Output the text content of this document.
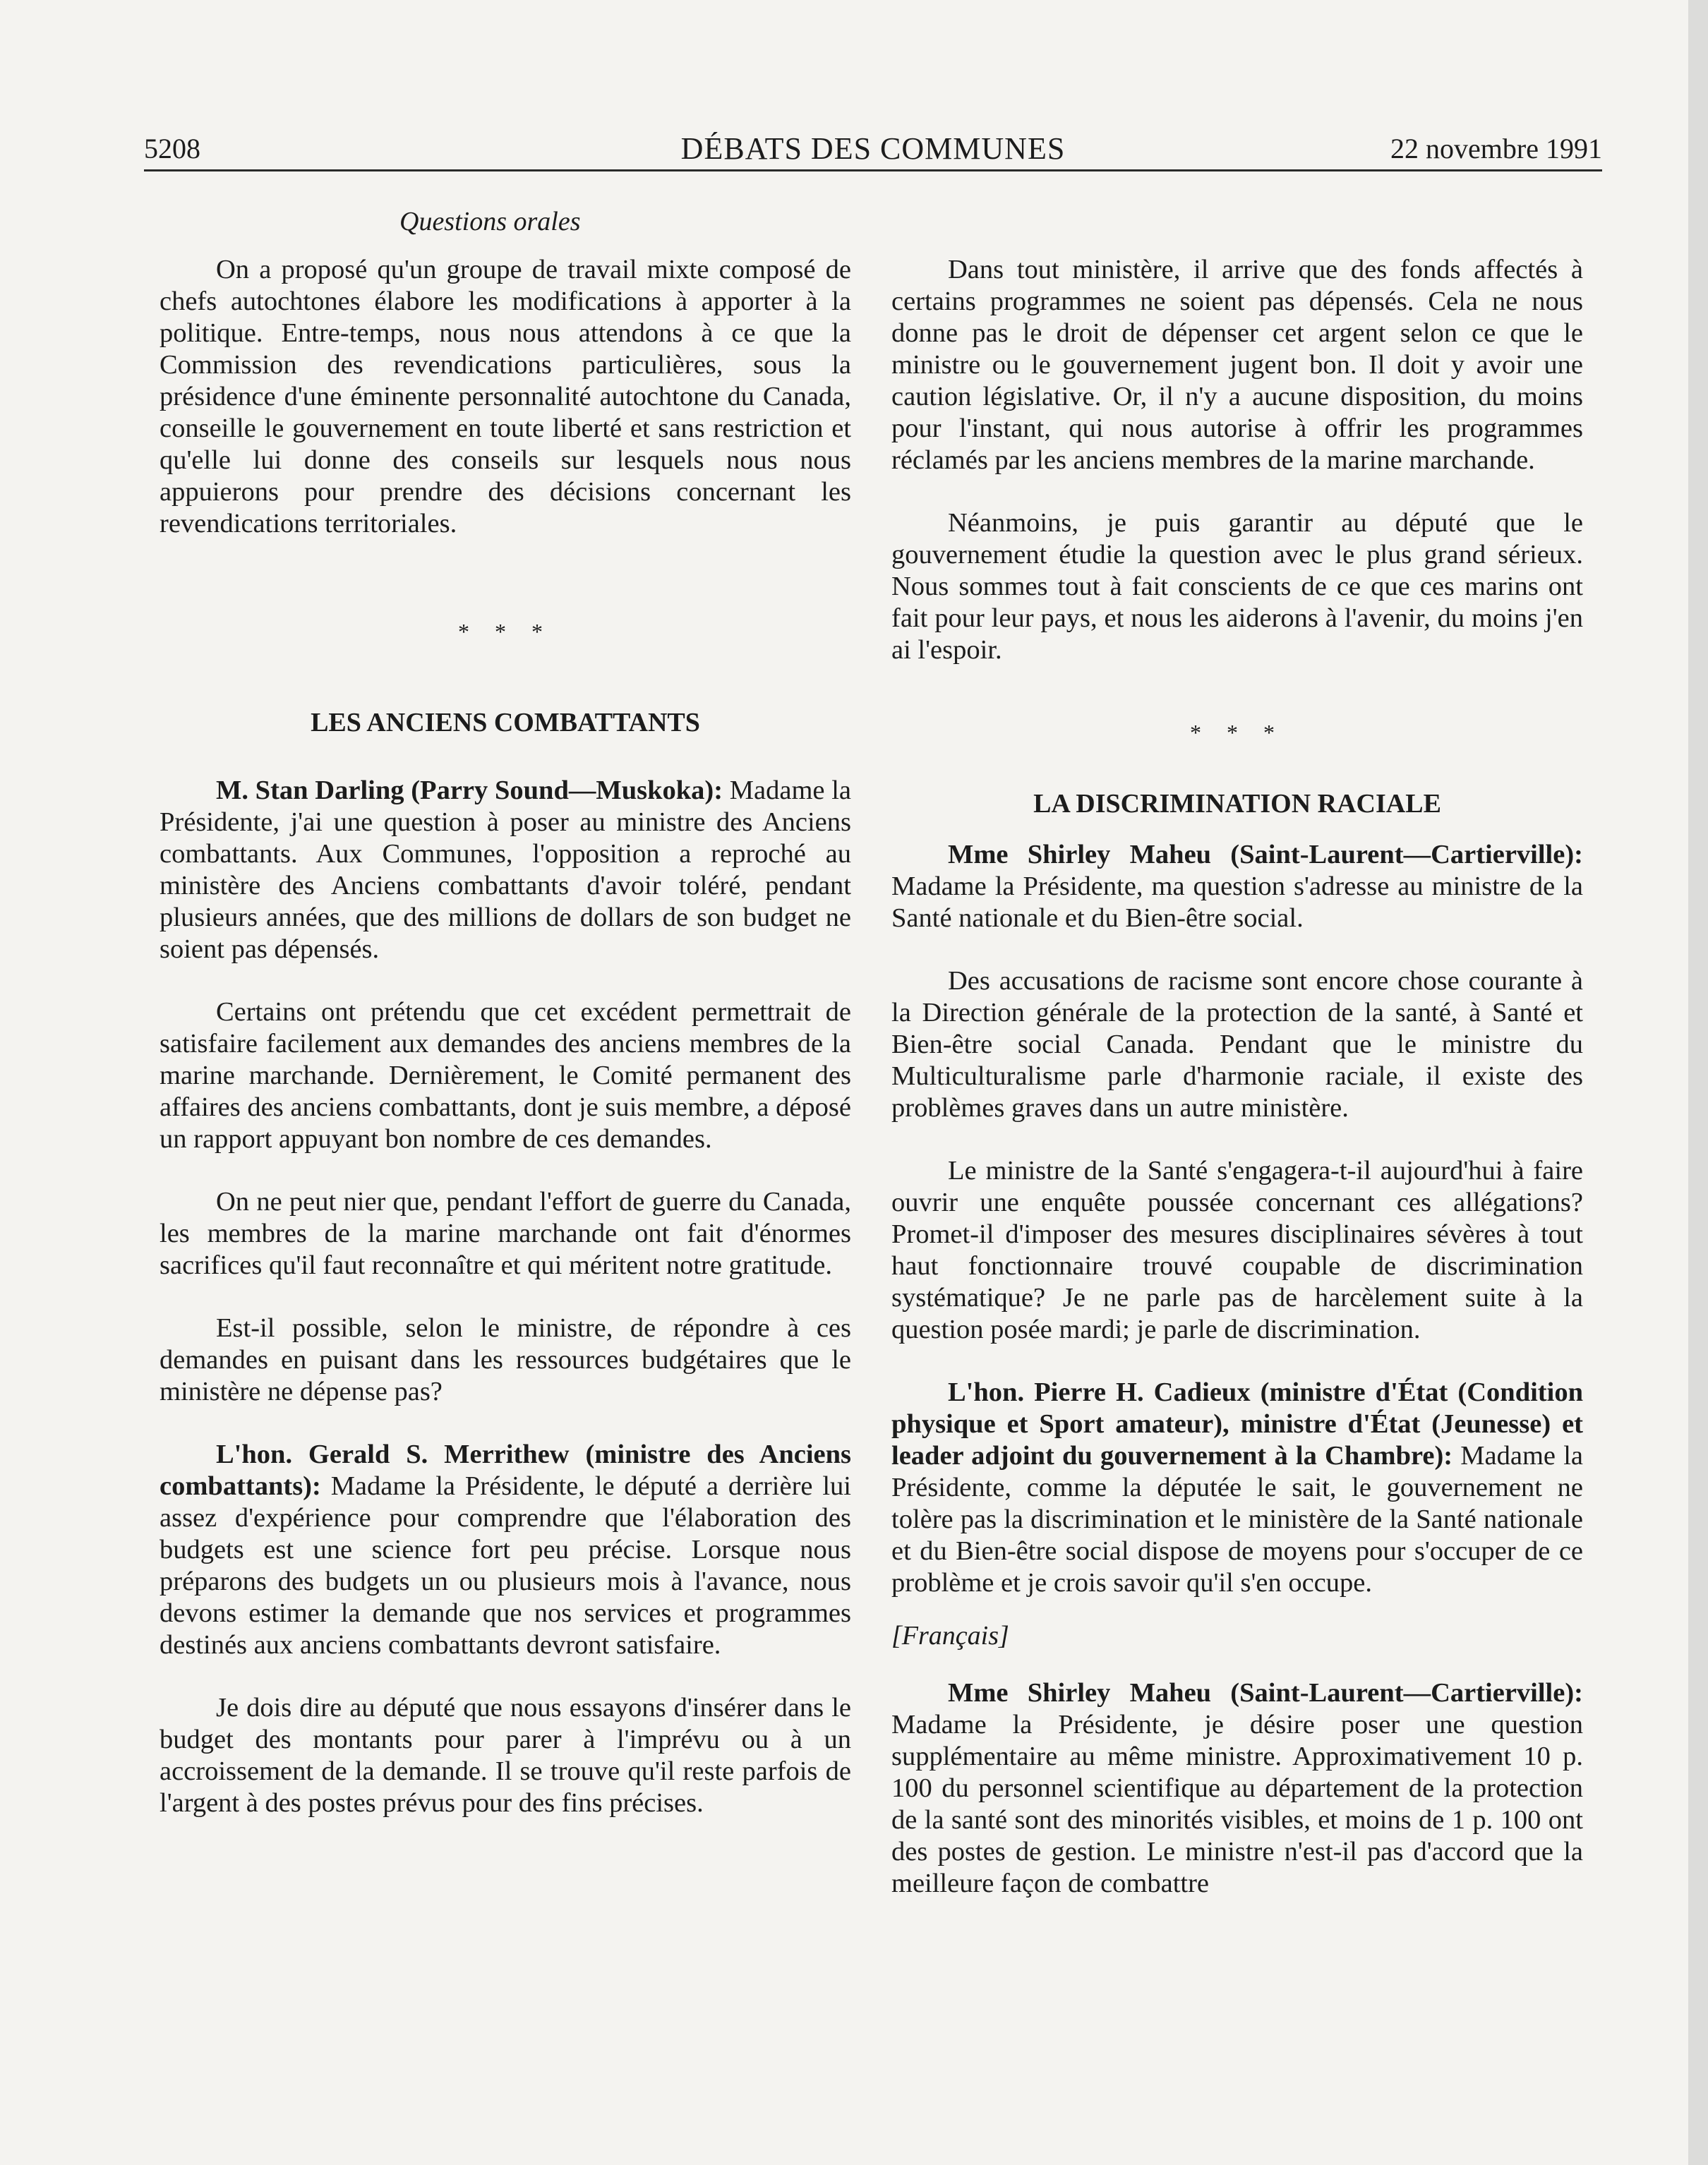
5208	DÉBATS DES COMMUNES	22 novembre 1991
Questions orales

On a proposé qu'un groupe de travail mixte composé de chefs autochtones élabore les modifications à apporter à la politique. Entre-temps, nous nous attendons à ce que la Commission des revendications particulières, sous la présidence d'une éminente personnalité autochtone du Canada, conseille le gouvernement en toute liberté et sans restriction et qu'elle lui donne des conseils sur lesquels nous nous appuierons pour prendre des décisions concernant les revendications territoriales.

* * *
LES ANCIENS COMBATTANTS

M. Stan Darling (Parry Sound—Muskoka): Madame la Présidente, j'ai une question à poser au ministre des Anciens combattants. Aux Communes, l'opposition a reproché au ministère des Anciens combattants d'avoir toléré, pendant plusieurs années, que des millions de dollars de son budget ne soient pas dépensés.

Certains ont prétendu que cet excédent permettrait de satisfaire facilement aux demandes des anciens membres de la marine marchande. Dernièrement, le Comité permanent des affaires des anciens combattants, dont je suis membre, a déposé un rapport appuyant bon nombre de ces demandes.

On ne peut nier que, pendant l'effort de guerre du Canada, les membres de la marine marchande ont fait d'énormes sacrifices qu'il faut reconnaître et qui méritent notre gratitude.

Est-il possible, selon le ministre, de répondre à ces demandes en puisant dans les ressources budgétaires que le ministère ne dépense pas?

L'hon. Gerald S. Merrithew (ministre des Anciens combattants): Madame la Présidente, le député a derrière lui assez d'expérience pour comprendre que l'élaboration des budgets est une science fort peu précise. Lorsque nous préparons des budgets un ou plusieurs mois à l'avance, nous devons estimer la demande que nos services et programmes destinés aux anciens combattants devront satisfaire.

Je dois dire au député que nous essayons d'insérer dans le budget des montants pour parer à l'imprévu ou à un accroissement de la demande. Il se trouve qu'il reste parfois de l'argent à des postes prévus pour des fins précises.

Dans tout ministère, il arrive que des fonds affectés à certains programmes ne soient pas dépensés. Cela ne nous donne pas le droit de dépenser cet argent selon ce que le ministre ou le gouvernement jugent bon. Il doit y avoir une caution législative. Or, il n'y a aucune disposition, du moins pour l'instant, qui nous autorise à offrir les programmes réclamés par les anciens membres de la marine marchande.

Néanmoins, je puis garantir au député que le gouvernement étudie la question avec le plus grand sérieux. Nous sommes tout à fait conscients de ce que ces marins ont fait pour leur pays, et nous les aiderons à l'avenir, du moins j'en ai l'espoir.

* * *
LA DISCRIMINATION RACIALE

Mme Shirley Maheu (Saint-Laurent—Cartierville): Madame la Présidente, ma question s'adresse au ministre de la Santé nationale et du Bien-être social.

Des accusations de racisme sont encore chose courante à la Direction générale de la protection de la santé, à Santé et Bien-être social Canada. Pendant que le ministre du Multiculturalisme parle d'harmonie raciale, il existe des problèmes graves dans un autre ministère.

Le ministre de la Santé s'engagera-t-il aujourd'hui à faire ouvrir une enquête poussée concernant ces allégations? Promet-il d'imposer des mesures disciplinaires sévères à tout haut fonctionnaire trouvé coupable de discrimination systématique? Je ne parle pas de harcèlement suite à la question posée mardi; je parle de discrimination.

L'hon. Pierre H. Cadieux (ministre d'État (Condition physique et Sport amateur), ministre d'État (Jeunesse) et leader adjoint du gouvernement à la Chambre): Madame la Présidente, comme la députée le sait, le gouvernement ne tolère pas la discrimination et le ministère de la Santé nationale et du Bien-être social dispose de moyens pour s'occuper de ce problème et je crois savoir qu'il s'en occupe.

[Français]

Mme Shirley Maheu (Saint-Laurent—Cartierville): Madame la Présidente, je désire poser une question supplémentaire au même ministre. Approximativement 10 p. 100 du personnel scientifique au département de la protection de la santé sont des minorités visibles, et moins de 1 p. 100 ont des postes de gestion. Le ministre n'est-il pas d'accord que la meilleure façon de combattre
